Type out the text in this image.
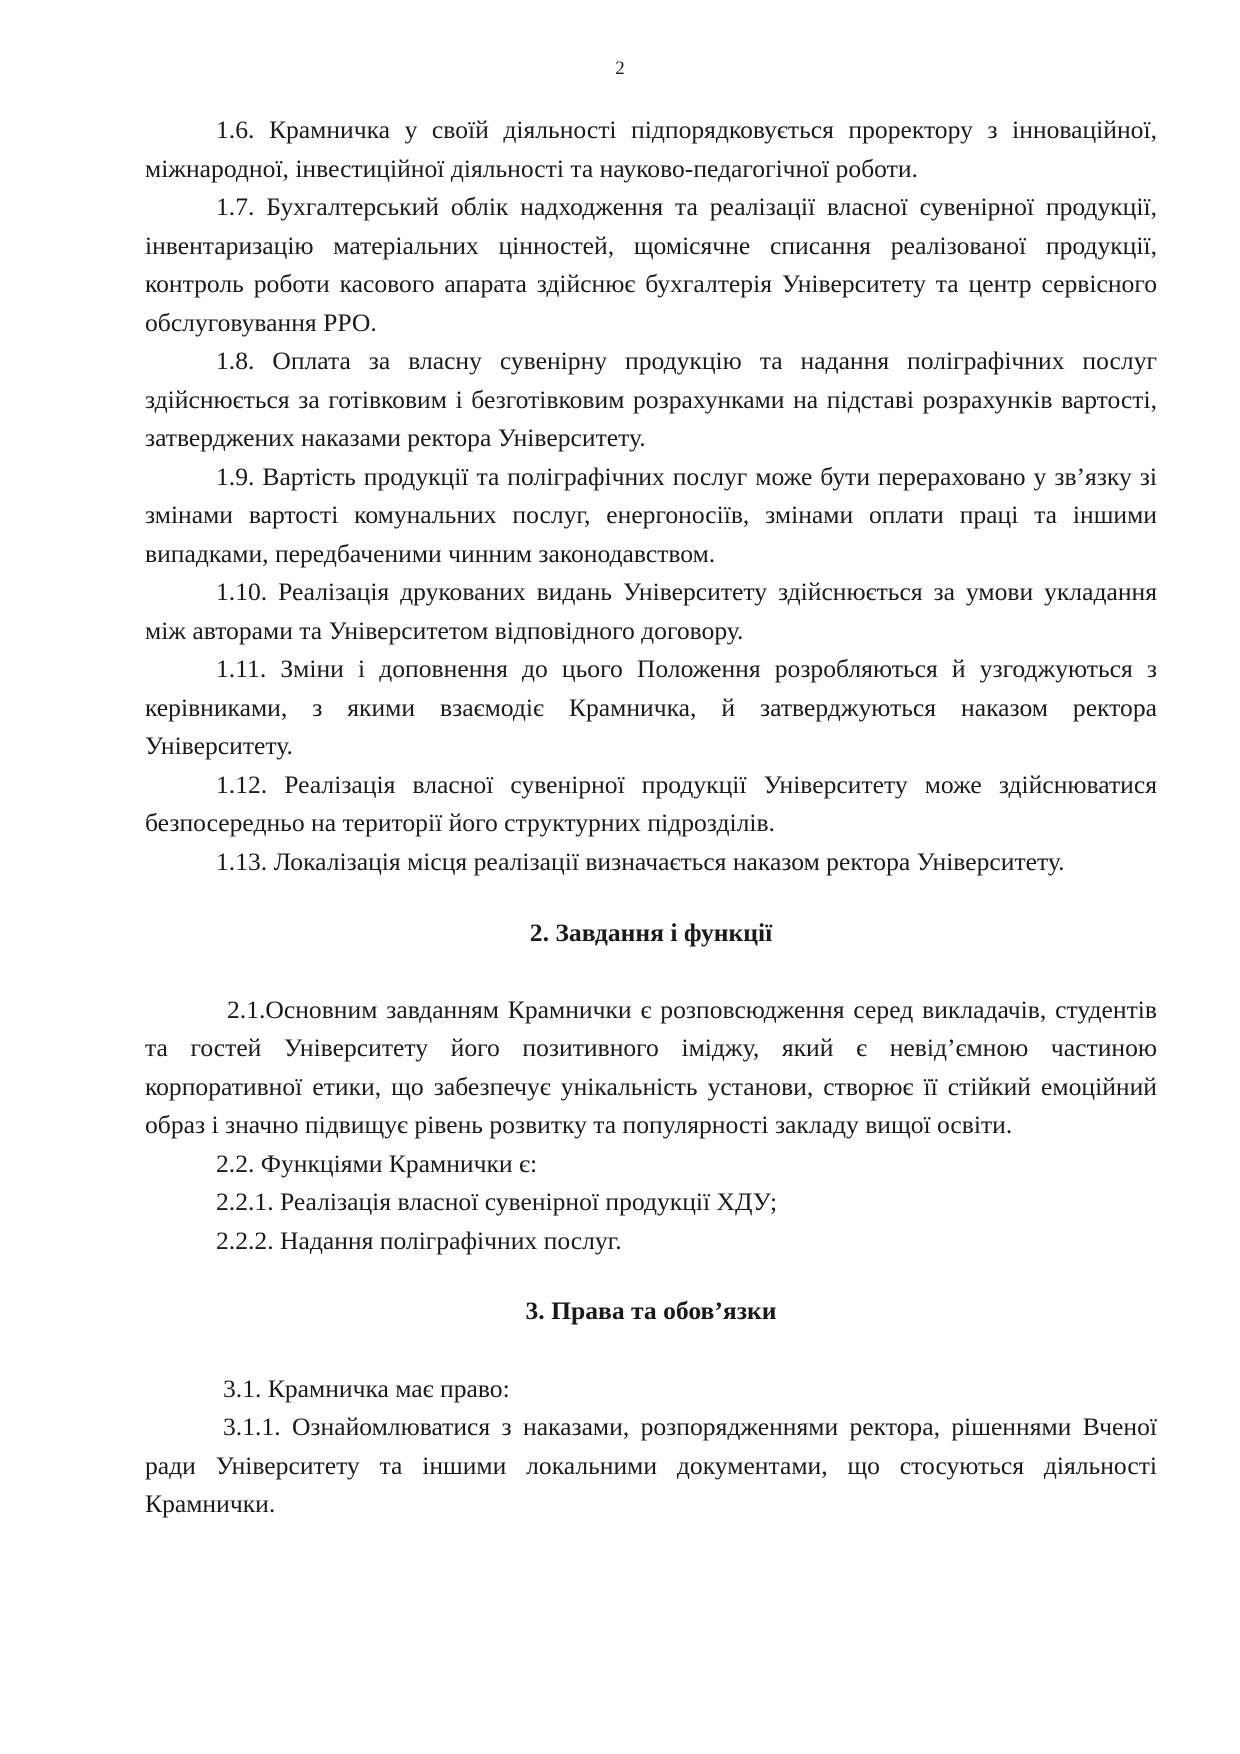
2

1.6. Крамничка у своїй діяльності підпорядковується проректору з інноваційної, міжнародної, інвестиційної діяльності та науково-педагогічної роботи.

1.7. Бухгалтерський облік надходження та реалізації власної сувенірної продукції, інвентаризацію матеріальних цінностей, щомісячне списання реалізованої продукції, контроль роботи касового апарата здійснює бухгалтерія Університету та центр сервісного обслуговування РРО.

1.8. Оплата за власну сувенірну продукцію та надання поліграфічних послуг здійснюється за готівковим і безготівковим розрахунками на підставі розрахунків вартості, затверджених наказами ректора Університету.

1.9. Вартість продукції та поліграфічних послуг може бути перераховано у зв’язку зі змінами вартості комунальних послуг, енергоносіїв, змінами оплати праці та іншими випадками, передбаченими чинним законодавством.

1.10. Реалізація друкованих видань Університету здійснюється за умови укладання між авторами та Університетом відповідного договору.

1.11. Зміни і доповнення до цього Положення розробляються й узгоджуються з керівниками, з якими взаємодіє Крамничка, й затверджуються наказом ректора Університету.

1.12. Реалізація власної сувенірної продукції Університету може здійснюватися безпосередньо на території його структурних підрозділів.

1.13. Локалізація місця реалізації визначається наказом ректора Університету.

2. Завдання і функції

2.1.Основним завданням Крамнички є розповсюдження серед викладачів, студентів та гостей Університету його позитивного іміджу, який є невід’ємною частиною корпоративної етики, що забезпечує унікальність установи, створює її стійкий емоційний образ і значно підвищує рівень розвитку та популярності закладу вищої освіти.

2.2. Функціями Крамнички є:

2.2.1. Реалізація власної сувенірної продукції ХДУ;

2.2.2. Надання поліграфічних послуг.

3. Права та обов’язки

3.1. Крамничка має право:

3.1.1. Ознайомлюватися з наказами, розпорядженнями ректора, рішеннями Вченої ради Університету та іншими локальними документами, що стосуються діяльності Крамнички.
